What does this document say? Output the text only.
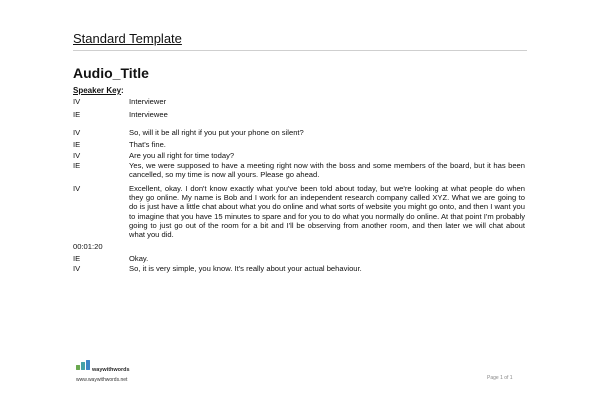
Standard Template
Audio_Title
Speaker Key:
IV	Interviewer
IE	Interviewee
IV	So, will it be all right if you put your phone on silent?
IE	That's fine.
IV	Are you all right for time today?
IE	Yes, we were supposed to have a meeting right now with the boss and some members of the board, but it has been cancelled, so my time is now all yours. Please go ahead.
IV	Excellent, okay. I don't know exactly what you've been told about today, but we're looking at what people do when they go online. My name is Bob and I work for an independent research company called XYZ. What we are going to do is just have a little chat about what you do online and what sorts of website you might go onto, and then I want you to imagine that you have 15 minutes to spare and for you to do what you normally do online. At that point I'm probably going to just go out of the room for a bit and I'll be observing from another room, and then later we will chat about what you did.
00:01:20
IE	Okay.
IV	So, it is very simple, you know. It's really about your actual behaviour.
waywithwords
www.waywithwords.net	Page 1 of 1
